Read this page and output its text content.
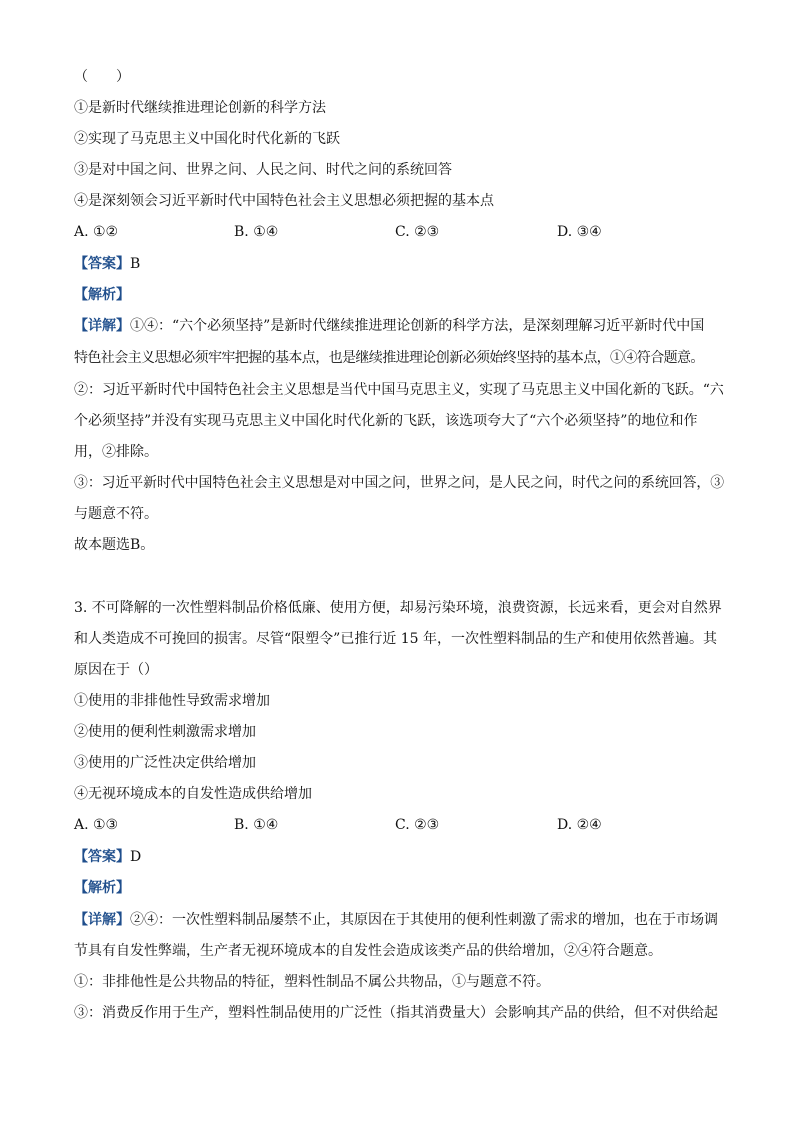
（　　）
①是新时代继续推进理论创新的科学方法
②实现了马克思主义中国化时代化新的飞跃
③是对中国之问、世界之问、人民之问、时代之问的系统回答
④是深刻领会习近平新时代中国特色社会主义思想必须把握的基本点
A. ①②	B. ①④	C. ②③	D. ③④
【答案】B
【解析】
【详解】①④：“六个必须坚持”是新时代继续推进理论创新的科学方法，是深刻理解习近平新时代中国
特色社会主义思想必须牢牢把握的基本点，也是继续推进理论创新必须始终坚持的基本点，①④符合题意。
②：习近平新时代中国特色社会主义思想是当代中国马克思主义，实现了马克思主义中国化新的飞跃。“六
个必须坚持”并没有实现马克思主义中国化时代化新的飞跃，该选项夸大了“六个必须坚持”的地位和作
用，②排除。
③：习近平新时代中国特色社会主义思想是对中国之问，世界之问，是人民之问，时代之问的系统回答，③
与题意不符。
故本题选B。
3. 不可降解的一次性塑料制品价格低廉、使用方便，却易污染环境，浪费资源，长远来看，更会对自然界
和人类造成不可挽回的损害。尽管“限塑令”已推行近 15 年，一次性塑料制品的生产和使用依然普遍。其
原因在于（）
①使用的非排他性导致需求增加
②使用的便利性刺激需求增加
③使用的广泛性决定供给增加
④无视环境成本的自发性造成供给增加
A. ①③	B. ①④	C. ②③	D. ②④
【答案】D
【解析】
【详解】②④：一次性塑料制品屡禁不止，其原因在于其使用的便利性刺激了需求的增加，也在于市场调
节具有自发性弊端，生产者无视环境成本的自发性会造成该类产品的供给增加，②④符合题意。
①：非排他性是公共物品的特征，塑料性制品不属公共物品，①与题意不符。
③：消费反作用于生产，塑料性制品使用的广泛性（指其消费量大）会影响其产品的供给，但不对供给起
